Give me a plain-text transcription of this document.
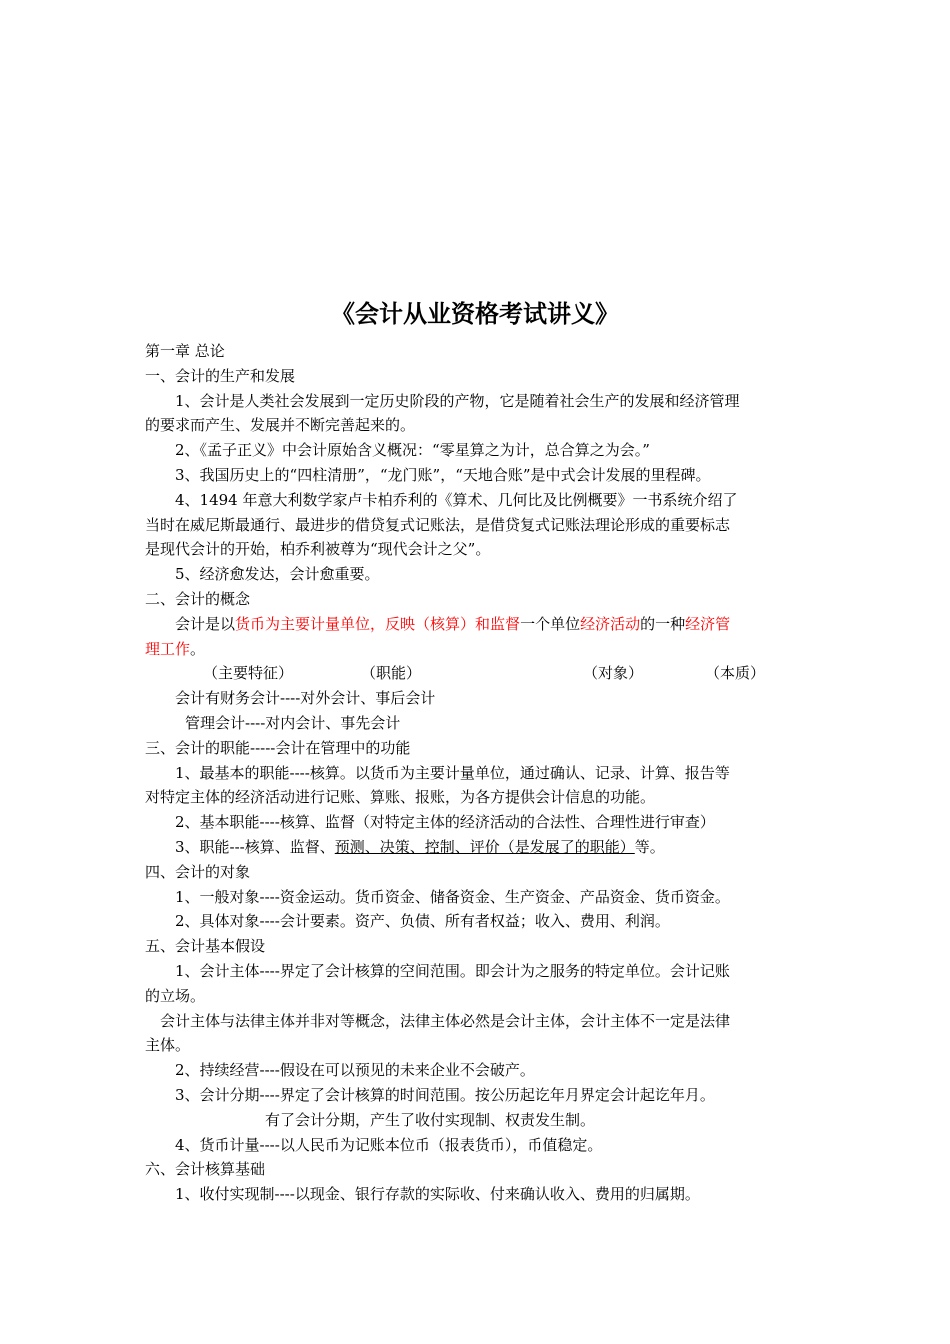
《会计从业资格考试讲义》
第一章 总论
一、会计的生产和发展
1、会计是人类社会发展到一定历史阶段的产物，它是随着社会生产的发展和经济管理
的要求而产生、发展并不断完善起来的。
2、《孟子正义》中会计原始含义概况：“零星算之为计，总合算之为会。”
3、我国历史上的“四柱清册”，“龙门账”，“天地合账”是中式会计发展的里程碑。
4、1494 年意大利数学家卢卡柏乔利的《算术、几何比及比例概要》一书系统介绍了
当时在威尼斯最通行、最进步的借贷复式记账法，是借贷复式记账法理论形成的重要标志
是现代会计的开始，柏乔利被尊为“现代会计之父”。
5、经济愈发达，会计愈重要。
二、会计的概念
会计是以货币为主要计量单位，反映（核算）和监督一个单位经济活动的一种经济管
理工作。
（主要特征）	（职能）	（对象）	（本质）
会计有财务会计----对外会计、事后会计
管理会计----对内会计、事先会计
三、会计的职能-----会计在管理中的功能
1、最基本的职能----核算。以货币为主要计量单位，通过确认、记录、计算、报告等
对特定主体的经济活动进行记账、算账、报账，为各方提供会计信息的功能。
2、基本职能----核算、监督（对特定主体的经济活动的合法性、合理性进行审查）
3、职能---核算、监督、预测、决策、控制、评价（是发展了的职能）等。
四、会计的对象
1、一般对象----资金运动。货币资金、储备资金、生产资金、产品资金、货币资金。
2、具体对象----会计要素。资产、负债、所有者权益；收入、费用、利润。
五、会计基本假设
1、会计主体----界定了会计核算的空间范围。即会计为之服务的特定单位。会计记账
的立场。
会计主体与法律主体并非对等概念，法律主体必然是会计主体，会计主体不一定是法律
主体。
2、持续经营----假设在可以预见的未来企业不会破产。
3、会计分期----界定了会计核算的时间范围。按公历起讫年月界定会计起讫年月。
有了会计分期，产生了收付实现制、权责发生制。
4、货币计量----以人民币为记账本位币（报表货币），币值稳定。
六、会计核算基础
1、收付实现制----以现金、银行存款的实际收、付来确认收入、费用的归属期。
